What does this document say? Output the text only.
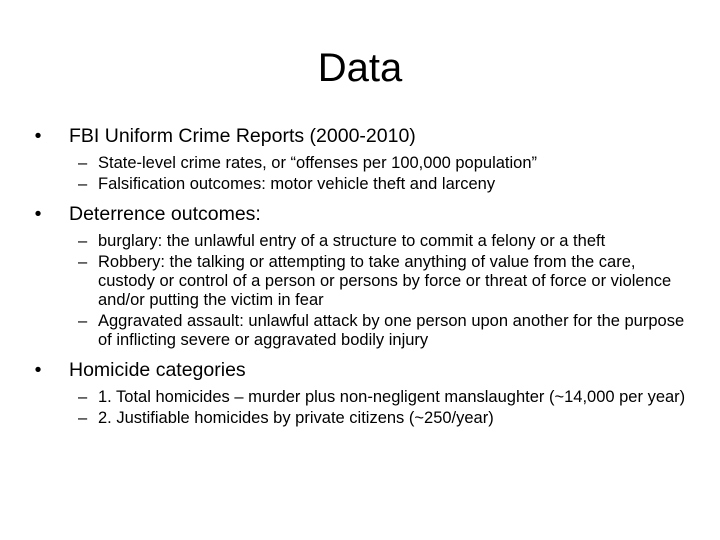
Data
•	FBI Uniform Crime Reports (2000-2010)
– State-level crime rates, or “offenses per 100,000 population”
– Falsification outcomes: motor vehicle theft and larceny
•	Deterrence outcomes:
– burglary: the unlawful entry of a structure to commit a felony or a theft
– Robbery: the talking or attempting to take anything of value from the care, custody or control of a person or persons by force or threat of force or violence and/or putting the victim in fear
– Aggravated assault: unlawful attack by one person upon another for the purpose of inflicting severe or aggravated bodily injury
•	Homicide categories
– 1. Total homicides – murder plus non-negligent manslaughter (~14,000 per year)
– 2. Justifiable homicides by private citizens (~250/year)
